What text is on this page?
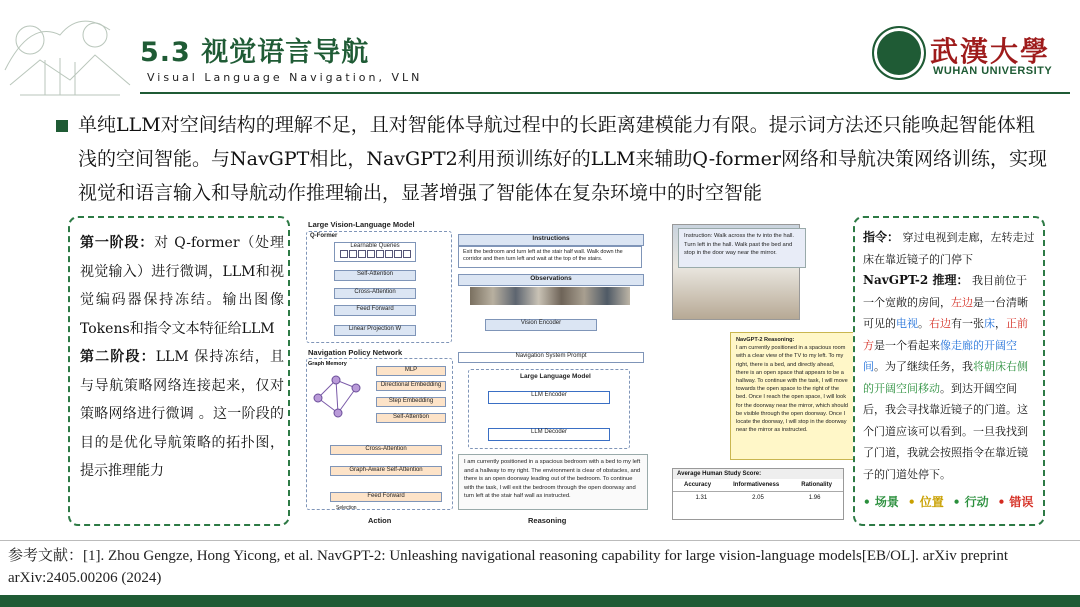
5.3 视觉语言导航
Visual Language Navigation, VLN
武漢大學
WUHAN UNIVERSITY
单纯LLM对空间结构的理解不足，且对智能体导航过程中的长距离建模能力有限。提示词方法还只能唤起智能体粗浅的空间智能。与NavGPT相比，NavGPT2利用预训练好的LLM来辅助Q-former网络和导航决策网络训练，实现视觉和语言输入和导航动作推理输出，显著增强了智能体在复杂环境中的时空智能
第一阶段：对 Q-former（处理视觉输入）进行微调，LLM和视觉编码器保持冻结。输出图像Tokens和指令文本特征给LLM
第二阶段：LLM 保持冻结，且与导航策略网络连接起来，仅对策略网络进行微调 。这一阶段的目的是优化导航策略的拓扑图，提示推理能力
Large Vision-Language Model
Q-Former
Learnable Queries
Self-Attention
Cross-Attention
Feed Forward
Linear Projection W
Instructions
Exit the bedroom and turn left at the stair half wall. Walk down the corridor and then turn left and wait at the top of the stairs.
Observations
Vision Encoder
Navigation Policy Network
Graph Memory
MLP
Directional Embedding
Step Embedding
Self-Attention
Cross-Attention
Graph-Aware Self-Attention
Feed Forward
Selection
Navigation System Prompt
Large Language Model
LLM Encoder
LLM Decoder
I am currently positioned in a spacious bedroom with a bed to my left and a hallway to my right. The environment is clear of obstacles, and there is an open doorway leading out of the bedroom. To continue with the task, I will exit the bedroom through the open doorway and turn left at the stair half wall as instructed.
Action	Reasoning
Instruction: Walk across the tv into the hall. Turn left in the hall. Walk past the bed and stop in the door way near the mirror.
NavGPT-2 Reasoning:
I am currently positioned in a spacious room with a clear view of the TV to my left. To my right, there is a bed, and directly ahead, there is an open space that appears to be a hallway. To continue with the task, I will move towards the open space to the right of the bed. Once I reach the open space, I will look for the doorway near the mirror, which should be visible through the open doorway. Once I locate the doorway, I will stop in the doorway near the mirror as instructed.
Average Human Study Score:
Accuracy	Informativeness	Rationality
1.31	2.05	1.96
指令： 穿过电视到走廊，左转走过床在靠近镜子的门停下
NavGPT-2 推理： 我目前位于一个宽敞的房间，左边是一台清晰可见的电视。右边有一张床，正前方是一个看起来像走廊的开阔空间。为了继续任务，我将朝床右侧的开阔空间移动。到达开阔空间后，我会寻找靠近镜子的门道。这个门道应该可以看到。一旦我找到了门道，我就会按照指令在靠近镜子的门道处停下。
• 场景 • 位置 • 行动 • 错误
参考文献：[1]. Zhou Gengze, Hong Yicong, et al. NavGPT-2: Unleashing navigational reasoning capability for large vision-language models[EB/OL]. arXiv preprint arXiv:2405.00206 (2024)
